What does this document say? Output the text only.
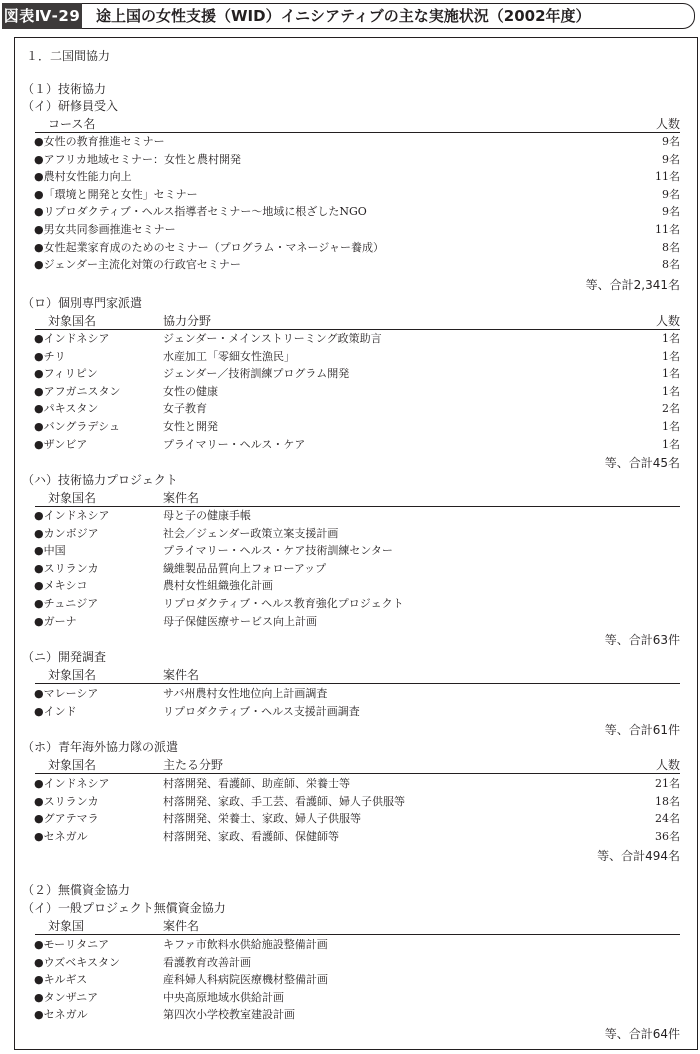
図表Ⅳ-29 途上国の女性支援（WID）イニシアティブの主な実施状況（2002年度）
１．二国間協力
（１）技術協力
（イ）研修員受入
コース名	人数
●女性の教育推進セミナー	9名
●アフリカ地域セミナー：女性と農村開発	9名
●農村女性能力向上	11名
●「環境と開発と女性」セミナー	9名
●リプロダクティブ・ヘルス指導者セミナー～地域に根ざしたNGO	9名
●男女共同参画推進セミナー	11名
●女性起業家育成のためのセミナー（プログラム・マネージャー養成）	8名
●ジェンダー主流化対策の行政官セミナー	8名
等、合計2,341名
（ロ）個別専門家派遣
対象国名	協力分野	人数
●インドネシア	ジェンダー・メインストリーミング政策助言	1名
●チリ	水産加工「零細女性漁民」	1名
●フィリピン	ジェンダー／技術訓練プログラム開発	1名
●アフガニスタン	女性の健康	1名
●パキスタン	女子教育	2名
●バングラデシュ	女性と開発	1名
●ザンビア	プライマリー・ヘルス・ケア	1名
等、合計45名
（ハ）技術協力プロジェクト
対象国名	案件名
●インドネシア	母と子の健康手帳
●カンボジア	社会／ジェンダー政策立案支援計画
●中国	プライマリー・ヘルス・ケア技術訓練センター
●スリランカ	繊維製品品質向上フォローアップ
●メキシコ	農村女性組織強化計画
●チュニジア	リプロダクティブ・ヘルス教育強化プロジェクト
●ガーナ	母子保健医療サービス向上計画
等、合計63件
（ニ）開発調査
対象国名	案件名
●マレーシア	サバ州農村女性地位向上計画調査
●インド	リプロダクティブ・ヘルス支援計画調査
等、合計61件
（ホ）青年海外協力隊の派遣
対象国名	主たる分野	人数
●インドネシア	村落開発、看護師、助産師、栄養士等	21名
●スリランカ	村落開発、家政、手工芸、看護師、婦人子供服等	18名
●グアテマラ	村落開発、栄養士、家政、婦人子供服等	24名
●セネガル	村落開発、家政、看護師、保健師等	36名
等、合計494名
（２）無償資金協力
（イ）一般プロジェクト無償資金協力
対象国	案件名
●モーリタニア	キファ市飲料水供給施設整備計画
●ウズベキスタン	看護教育改善計画
●キルギス	産科婦人科病院医療機材整備計画
●タンザニア	中央高原地域水供給計画
●セネガル	第四次小学校教室建設計画
等、合計64件
